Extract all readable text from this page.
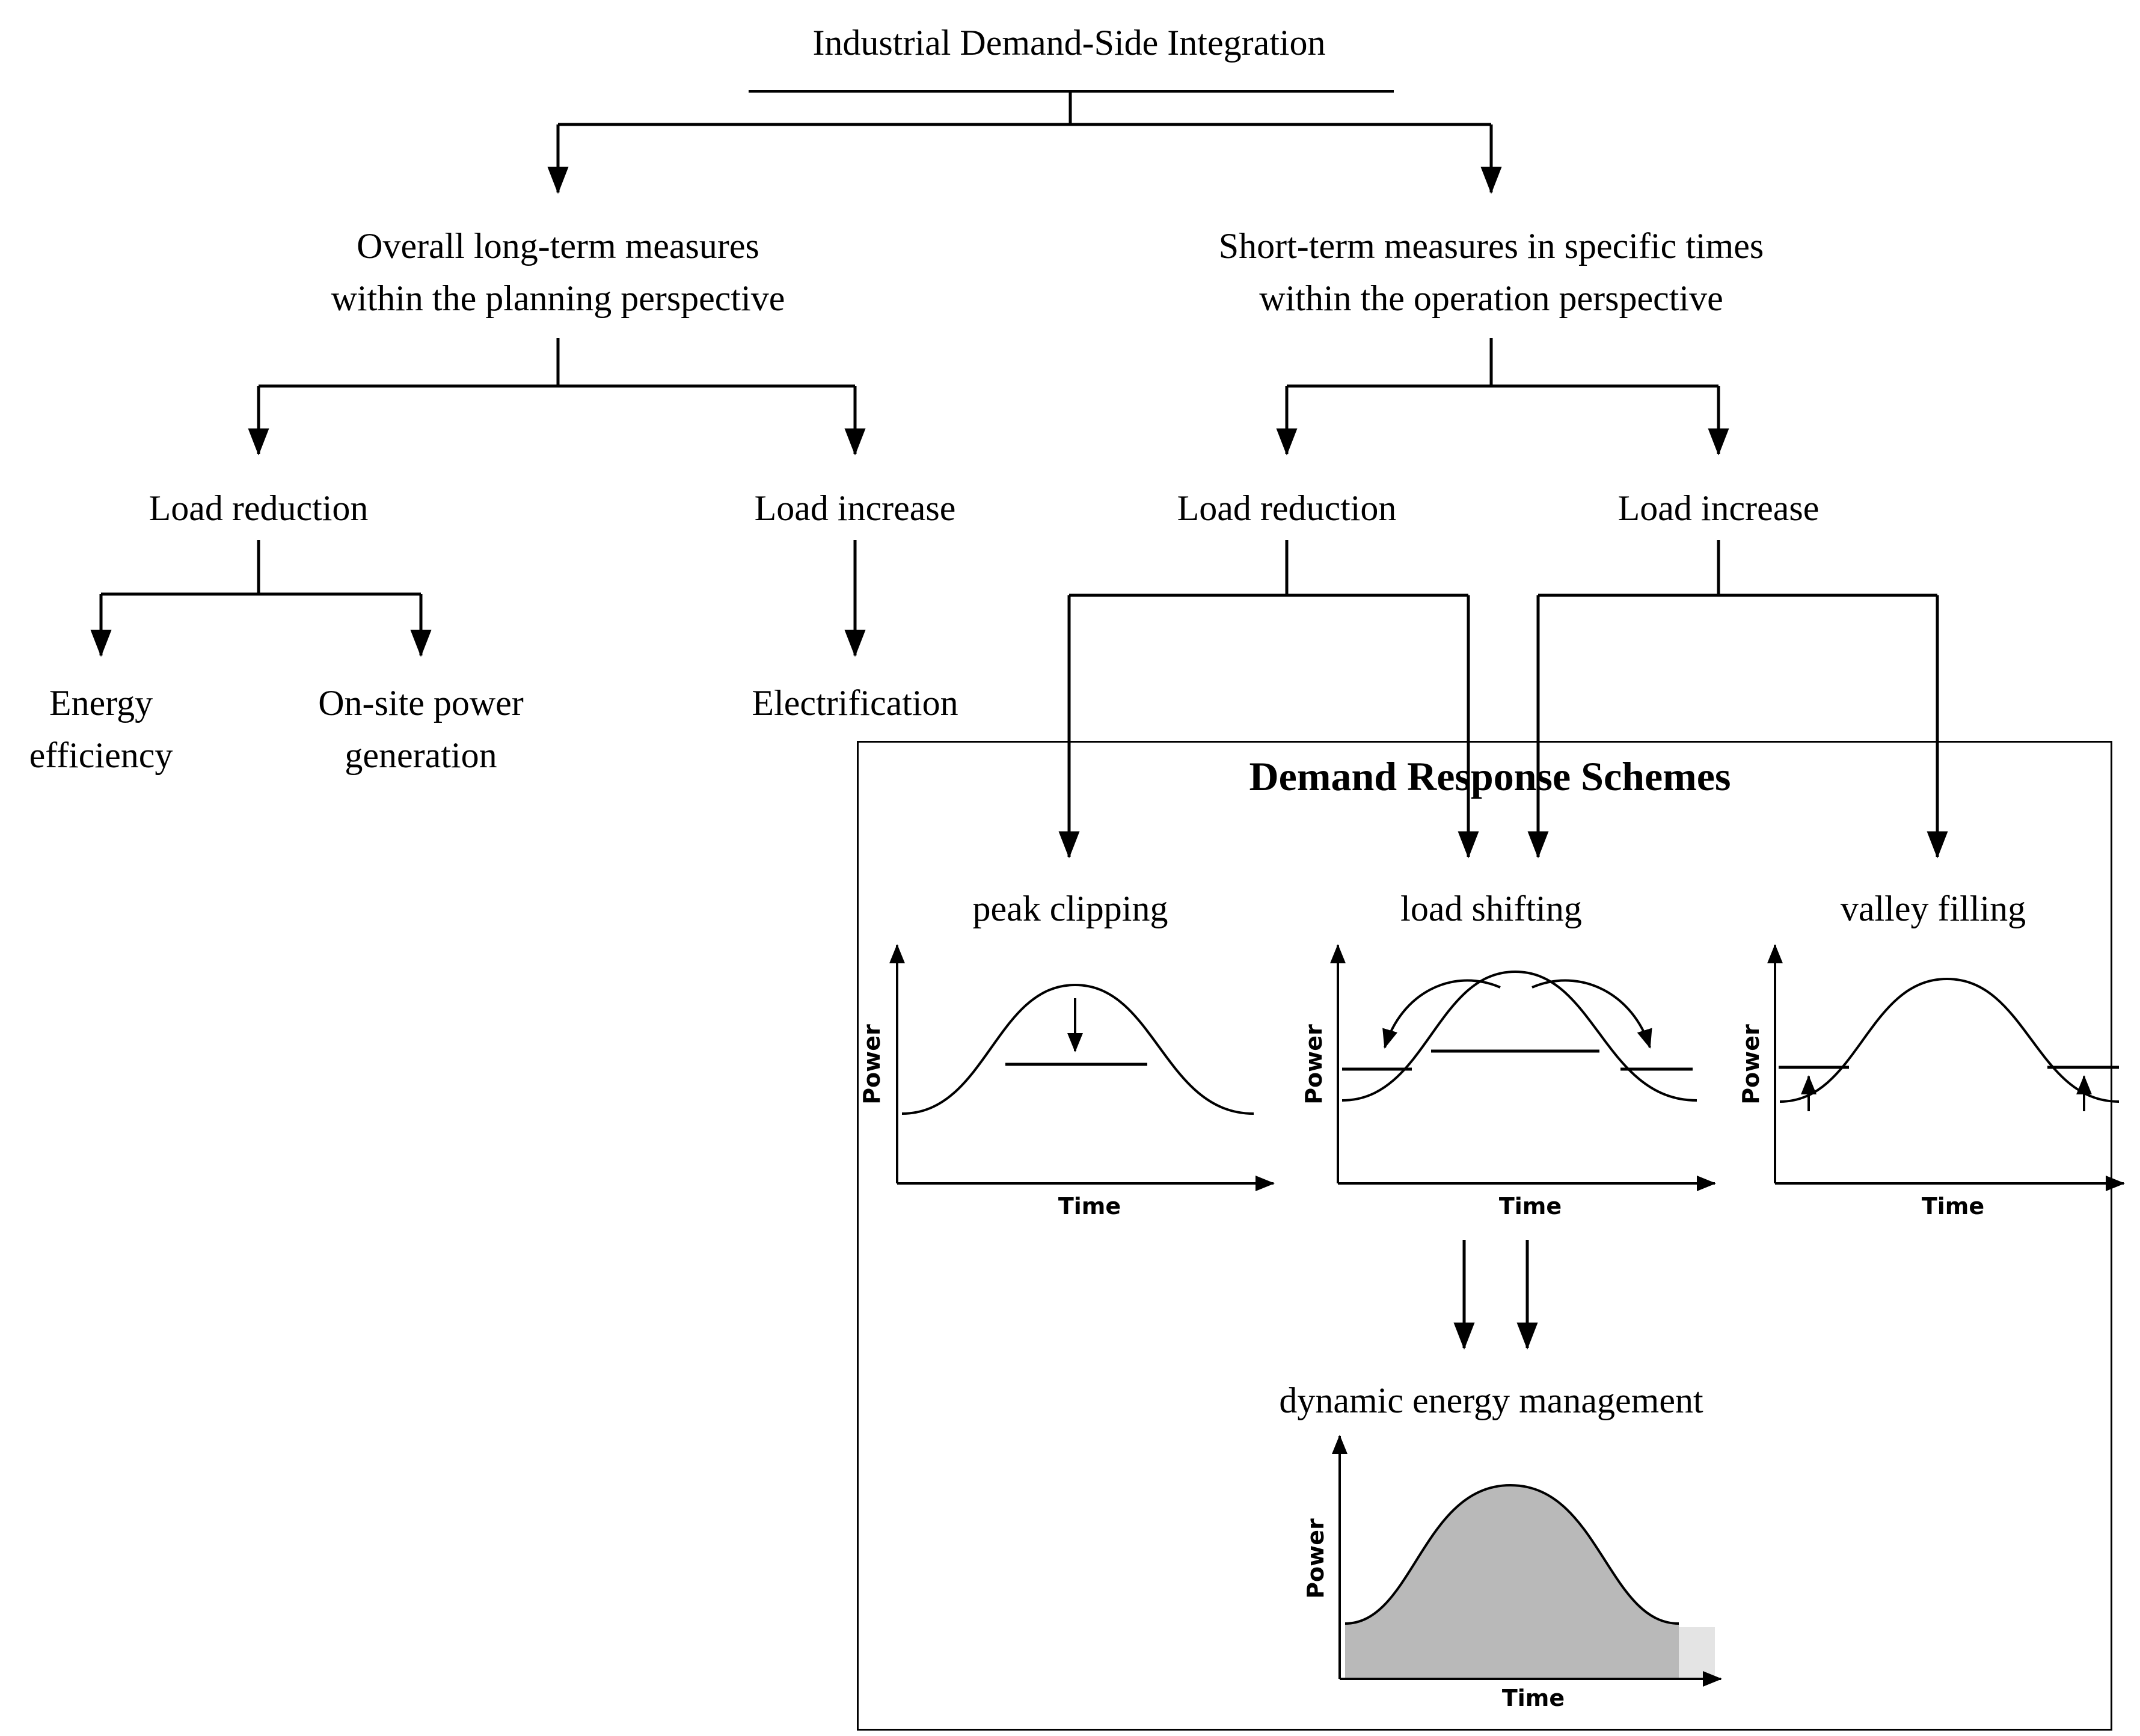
Industrial Demand-Side Integration
Overall long-term measures
within the planning perspective
Short-term measures in specific times
within the operation perspective
Load reduction	Load increase
Energy
efficiency
On-site power
generation
Electrification
Load reduction	Load increase
Demand Response Schemes
peak clipping	load shifting	valley filling
dynamic energy management
Power
Time
Power
Time
Power
Time
Power
Time
